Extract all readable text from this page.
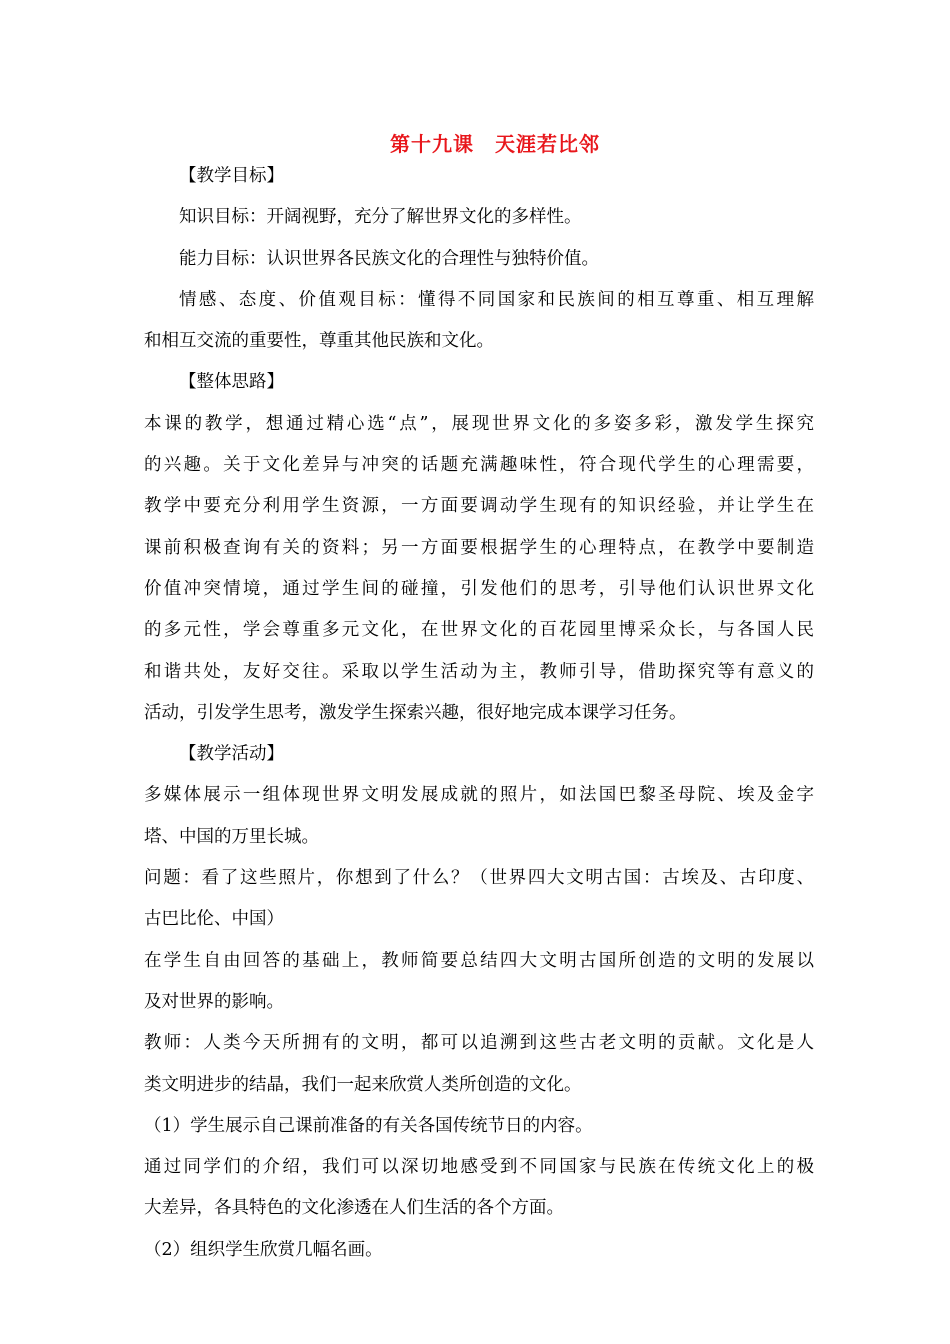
第十九课　天涯若比邻
【教学目标】
知识目标：开阔视野，充分了解世界文化的多样性。
能力目标：认识世界各民族文化的合理性与独特价值。
情感、态度、价值观目标：懂得不同国家和民族间的相互尊重、相互理解
和相互交流的重要性，尊重其他民族和文化。
【整体思路】
本课的教学，想通过精心选“点”，展现世界文化的多姿多彩，激发学生探究
的兴趣。关于文化差异与冲突的话题充满趣味性，符合现代学生的心理需要，
教学中要充分利用学生资源，一方面要调动学生现有的知识经验，并让学生在
课前积极查询有关的资料；另一方面要根据学生的心理特点，在教学中要制造
价值冲突情境，通过学生间的碰撞，引发他们的思考，引导他们认识世界文化
的多元性，学会尊重多元文化，在世界文化的百花园里博采众长，与各国人民
和谐共处，友好交往。采取以学生活动为主，教师引导，借助探究等有意义的
活动，引发学生思考，激发学生探索兴趣，很好地完成本课学习任务。
【教学活动】
多媒体展示一组体现世界文明发展成就的照片，如法国巴黎圣母院、埃及金字
塔、中国的万里长城。
问题：看了这些照片，你想到了什么？（世界四大文明古国：古埃及、古印度、
古巴比伦、中国）
在学生自由回答的基础上，教师简要总结四大文明古国所创造的文明的发展以
及对世界的影响。
教师：人类今天所拥有的文明，都可以追溯到这些古老文明的贡献。文化是人
类文明进步的结晶，我们一起来欣赏人类所创造的文化。
（1）学生展示自己课前准备的有关各国传统节日的内容。
通过同学们的介绍，我们可以深切地感受到不同国家与民族在传统文化上的极
大差异，各具特色的文化渗透在人们生活的各个方面。
（2）组织学生欣赏几幅名画。
